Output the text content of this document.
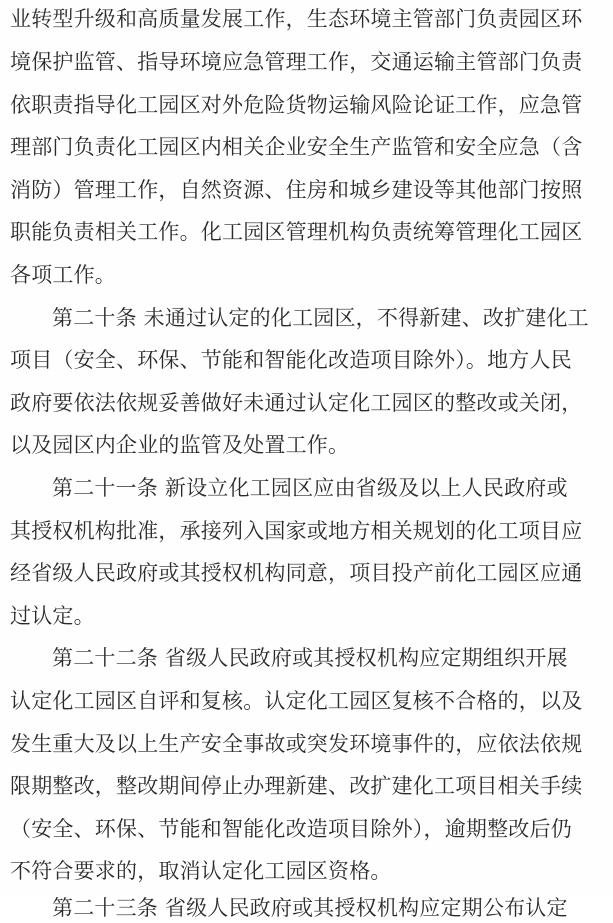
业转型升级和高质量发展工作，生态环境主管部门负责园区环
境保护监管、指导环境应急管理工作，交通运输主管部门负责
依职责指导化工园区对外危险货物运输风险论证工作，应急管
理部门负责化工园区内相关企业安全生产监管和安全应急（含
消防）管理工作，自然资源、住房和城乡建设等其他部门按照
职能负责相关工作。化工园区管理机构负责统筹管理化工园区
各项工作。
第二十条 未通过认定的化工园区，不得新建、改扩建化工
项目（安全、环保、节能和智能化改造项目除外）。地方人民
政府要依法依规妥善做好未通过认定化工园区的整改或关闭，
以及园区内企业的监管及处置工作。
第二十一条 新设立化工园区应由省级及以上人民政府或
其授权机构批准，承接列入国家或地方相关规划的化工项目应
经省级人民政府或其授权机构同意，项目投产前化工园区应通
过认定。
第二十二条 省级人民政府或其授权机构应定期组织开展
认定化工园区自评和复核。认定化工园区复核不合格的，以及
发生重大及以上生产安全事故或突发环境事件的，应依法依规
限期整改，整改期间停止办理新建、改扩建化工项目相关手续
（安全、环保、节能和智能化改造项目除外），逾期整改后仍
不符合要求的，取消认定化工园区资格。
第二十三条 省级人民政府或其授权机构应定期公布认定
